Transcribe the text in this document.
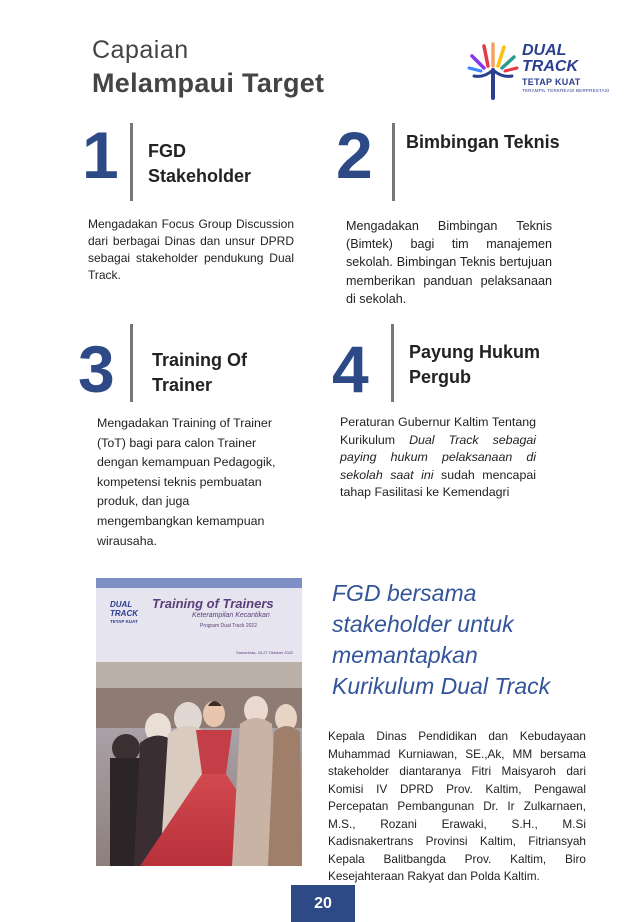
Capaian
Melampaui Target
DUAL
TRACK
TETAP KUAT
TERAMPIL TERKREASI BERPRESTASI
1 FGD
Stakeholder
Mengadakan Focus Group Discussion dari berbagai Dinas dan unsur DPRD sebagai stakeholder pendukung Dual Track.
2 Bimbingan Teknis
Mengadakan Bimbingan Teknis (Bimtek) bagi tim manajemen sekolah. Bimbingan Teknis bertujuan memberikan panduan pelaksanaan di sekolah.
3 Training Of
Trainer
Mengadakan Training of Trainer
(ToT) bagi para calon Trainer
dengan kemampuan Pedagogik,
kompetensi teknis pembuatan
produk, dan juga
mengembangkan kemampuan
wirausaha.
4 Payung Hukum
Pergub
Peraturan Gubernur Kaltim Tentang Kurikulum Dual Track sebagai paying hukum pelaksanaan di sekolah saat ini sudah mencapai tahap Fasilitasi ke Kemendagri
DUAL
TRACK
TETAP KUAT
Training of Trainers
Keterampilan Kecantikan
Program Dual Track 2022
Samarinda, 24-27 Oktober 2022
FGD bersama
stakeholder untuk
memantapkan
Kurikulum Dual Track
Kepala Dinas Pendidikan dan Kebudayaan Muhammad Kurniawan, SE.,Ak, MM bersama stakeholder diantaranya Fitri Maisyaroh dari Komisi IV DPRD Prov. Kaltim, Pengawal Percepatan Pembangunan Dr. Ir Zulkarnaen, M.S., Rozani Erawaki, S.H., M.Si Kadisnakertrans Provinsi Kaltim, Fitriansyah Kepala Balitbangda Prov. Kaltim, Biro Kesejahteraan Rakyat dan Polda Kaltim.
20
